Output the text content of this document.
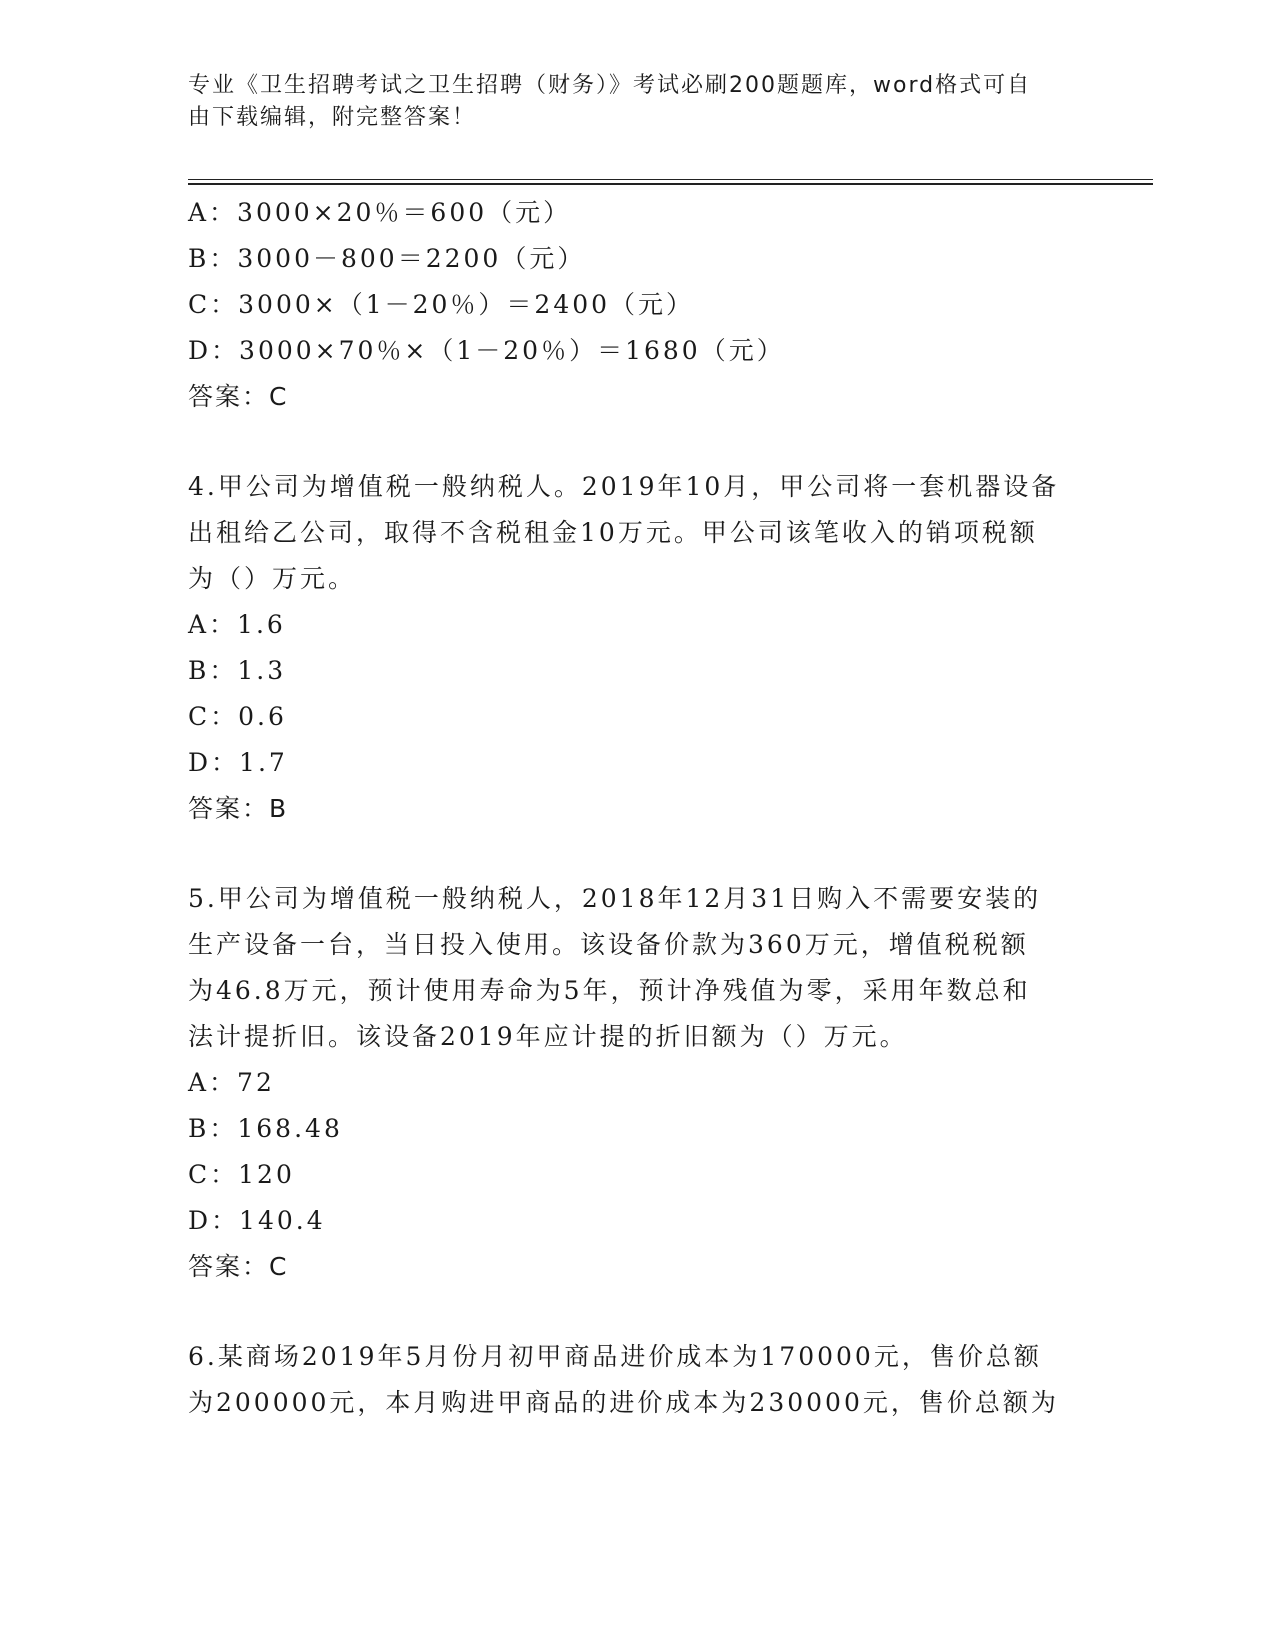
专业《卫生招聘考试之卫生招聘（财务）》考试必刷200题题库，word格式可自
由下载编辑，附完整答案！
A：3000×20％＝600（元）
B：3000－800＝2200（元）
C：3000×（1－20％）＝2400（元）
D：3000×70％×（1－20％）＝1680（元）
答案：C
4.甲公司为增值税一般纳税人。2019年10月，甲公司将一套机器设备
出租给乙公司，取得不含税租金10万元。甲公司该笔收入的销项税额
为（）万元。
A：1.6
B：1.3
C：0.6
D：1.7
答案：B
5.甲公司为增值税一般纳税人，2018年12月31日购入不需要安装的
生产设备一台，当日投入使用。该设备价款为360万元，增值税税额
为46.8万元，预计使用寿命为5年，预计净残值为零，采用年数总和
法计提折旧。该设备2019年应计提的折旧额为（）万元。
A：72
B：168.48
C：120
D：140.4
答案：C
6.某商场2019年5月份月初甲商品进价成本为170000元，售价总额
为200000元，本月购进甲商品的进价成本为230000元，售价总额为
